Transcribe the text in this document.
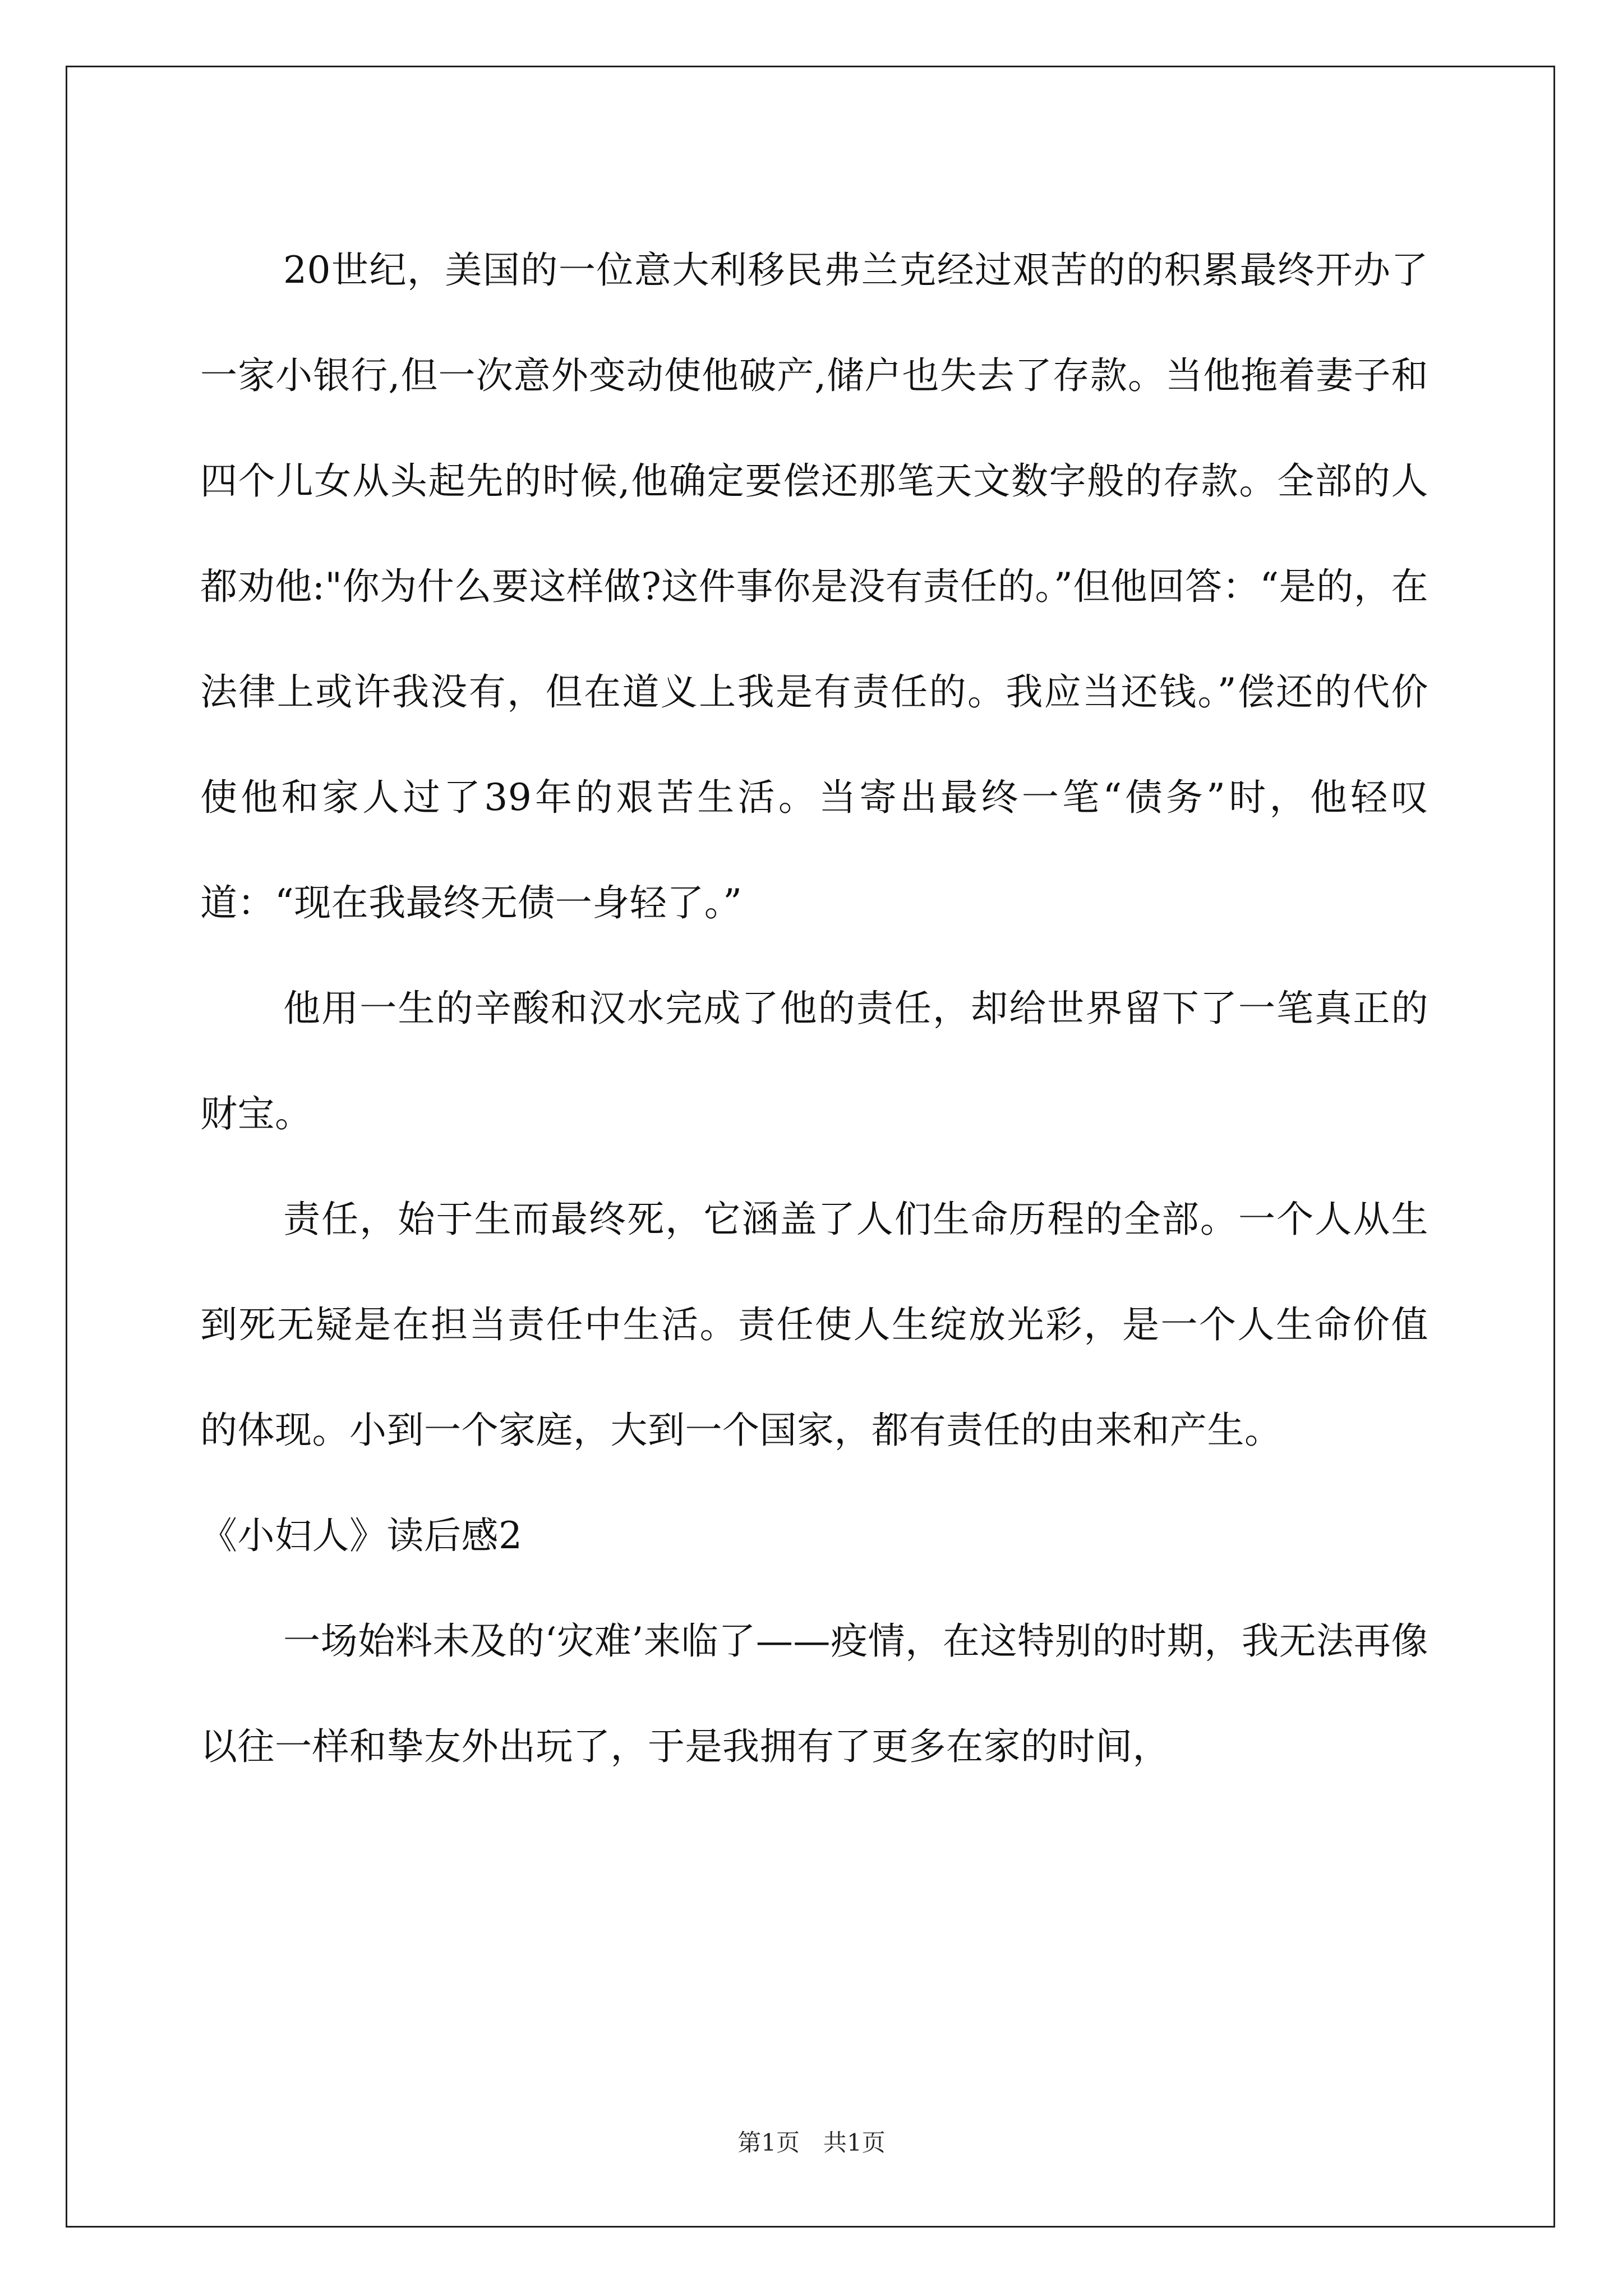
20世纪，美国的一位意大利移民弗兰克经过艰苦的的积累最终开办了一家小银行,但一次意外变动使他破产,储户也失去了存款。当他拖着妻子和四个儿女从头起先的时候,他确定要偿还那笔天文数字般的存款。全部的人都劝他:"你为什么要这样做?这件事你是没有责任的。”但他回答：“是的，在法律上或许我没有，但在道义上我是有责任的。我应当还钱。”偿还的代价使他和家人过了39年的艰苦生活。当寄出最终一笔“债务”时，他轻叹道：“现在我最终无债一身轻了。”

他用一生的辛酸和汉水完成了他的责任，却给世界留下了一笔真正的财宝。

责任，始于生而最终死，它涵盖了人们生命历程的全部。一个人从生到死无疑是在担当责任中生活。责任使人生绽放光彩，是一个人生命价值的体现。小到一个家庭，大到一个国家，都有责任的由来和产生。

《小妇人》读后感2

一场始料未及的‘灾难’来临了——疫情，在这特别的时期，我无法再像以往一样和挚友外出玩了，于是我拥有了更多在家的时间，

第1页　共1页
